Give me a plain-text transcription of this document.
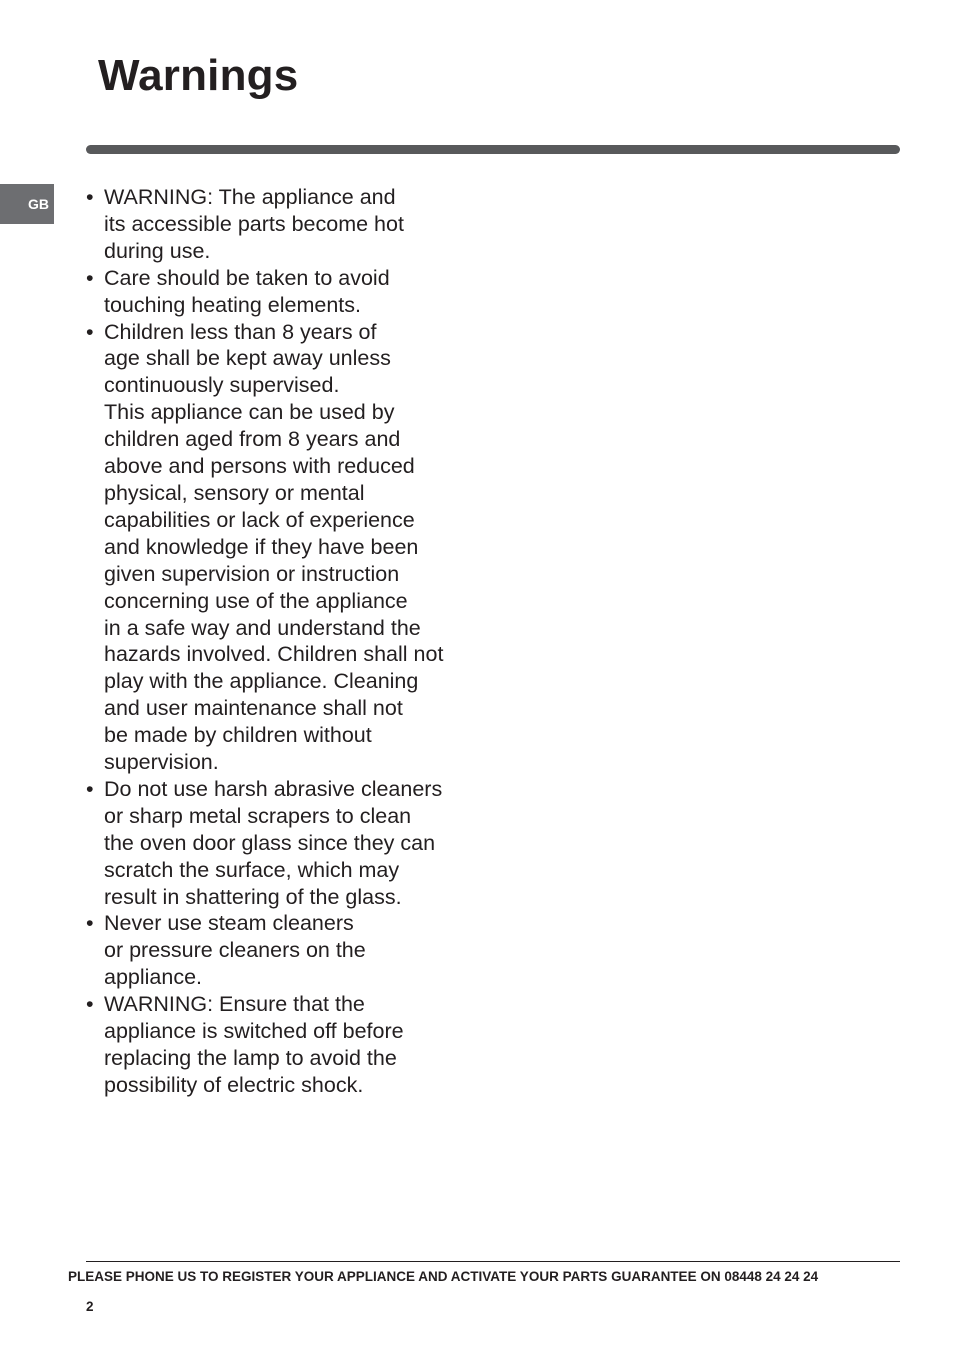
Warnings
GB • WARNING: The appliance and
its accessible parts become hot
during use.
• Care should be taken to avoid
touching heating elements.
• Children less than 8 years of
age shall be kept away unless
continuously supervised.
This appliance can be used by
children aged from 8 years and
above and persons with reduced
physical, sensory or mental
capabilities or lack of experience
and knowledge if they have been
given supervision or instruction
concerning use of the appliance
in a safe way and understand the
hazards involved. Children shall not
play with the appliance. Cleaning
and user maintenance shall not
be made by children without
supervision.
• Do not use harsh abrasive cleaners
or sharp metal scrapers to clean
the oven door glass since they can
scratch the surface, which may
result in shattering of the glass.
• Never use steam cleaners
or pressure cleaners on the
appliance.
• WARNING: Ensure that the
appliance is switched off before
replacing the lamp to avoid the
possibility of electric shock.
PLEASE PHONE US TO REGISTER YOUR APPLIANCE AND ACTIVATE YOUR PARTS GUARANTEE ON 08448 24 24 24
2
